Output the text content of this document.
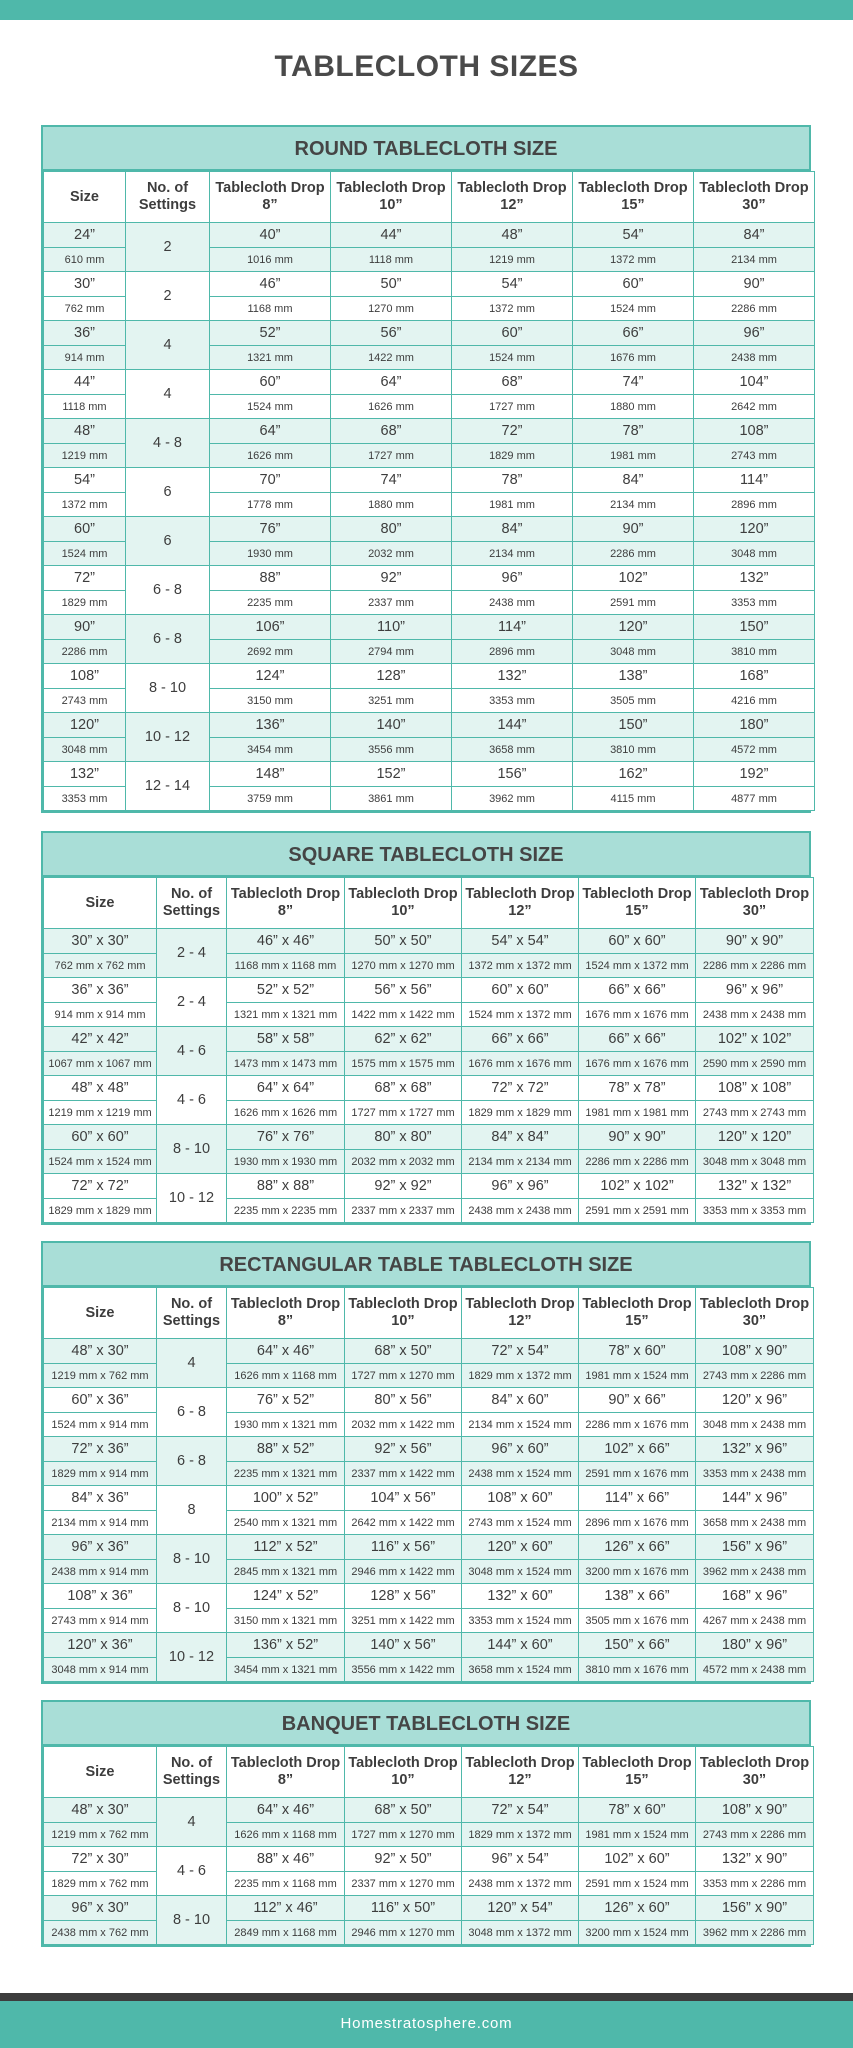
TABLECLOTH SIZES
ROUND TABLECLOTH SIZE
Size	No. of Settings	Tablecloth Drop 8”	Tablecloth Drop 10”	Tablecloth Drop 12”	Tablecloth Drop 15”	Tablecloth Drop 30”
24”	2	40”	44”	48”	54”	84”
610 mm		1016 mm	1118 mm	1219 mm	1372 mm	2134 mm
30”	2	46”	50”	54”	60”	90”
762 mm		1168 mm	1270 mm	1372 mm	1524 mm	2286 mm
36”	4	52”	56”	60”	66”	96”
914 mm		1321 mm	1422 mm	1524 mm	1676 mm	2438 mm
44”	4	60”	64”	68”	74”	104”
1118 mm		1524 mm	1626 mm	1727 mm	1880 mm	2642 mm
48”	4 - 8	64”	68”	72”	78”	108”
1219 mm		1626 mm	1727 mm	1829 mm	1981 mm	2743 mm
54”	6	70”	74”	78”	84”	114”
1372 mm		1778 mm	1880 mm	1981 mm	2134 mm	2896 mm
60”	6	76”	80”	84”	90”	120”
1524 mm		1930 mm	2032 mm	2134 mm	2286 mm	3048 mm
72”	6 - 8	88”	92”	96”	102”	132”
1829 mm		2235 mm	2337 mm	2438 mm	2591 mm	3353 mm
90”	6 - 8	106”	110”	114”	120”	150”
2286 mm		2692 mm	2794 mm	2896 mm	3048 mm	3810 mm
108”	8 - 10	124”	128”	132”	138”	168”
2743 mm		3150 mm	3251 mm	3353 mm	3505 mm	4216 mm
120”	10 - 12	136”	140”	144”	150”	180”
3048 mm		3454 mm	3556 mm	3658 mm	3810 mm	4572 mm
132”	12 - 14	148”	152”	156”	162”	192”
3353 mm		3759 mm	3861 mm	3962 mm	4115 mm	4877 mm
SQUARE TABLECLOTH SIZE
Size	No. of Settings	Tablecloth Drop 8”	Tablecloth Drop 10”	Tablecloth Drop 12”	Tablecloth Drop 15”	Tablecloth Drop 30”
30” x 30”	2 - 4	46” x 46”	50” x 50”	54” x 54”	60” x 60”	90” x 90”
762 mm x 762 mm		1168 mm x 1168 mm	1270 mm x 1270 mm	1372 mm x 1372 mm	1524 mm x 1372 mm	2286 mm x 2286 mm
36” x 36”	2 - 4	52” x 52”	56” x 56”	60” x 60”	66” x 66”	96” x 96”
914 mm x 914 mm		1321 mm x 1321 mm	1422 mm x 1422 mm	1524 mm x 1372 mm	1676 mm x 1676 mm	2438 mm x 2438 mm
42” x 42”	4 - 6	58” x 58”	62” x 62”	66” x 66”	66” x 66”	102” x 102”
1067 mm x 1067 mm		1473 mm x 1473 mm	1575 mm x 1575 mm	1676 mm x 1676 mm	1676 mm x 1676 mm	2590 mm x 2590 mm
48” x 48”	4 - 6	64” x 64”	68” x 68”	72” x 72”	78” x 78”	108” x 108”
1219 mm x 1219 mm		1626 mm x 1626 mm	1727 mm x 1727 mm	1829 mm x 1829 mm	1981 mm x 1981 mm	2743 mm x 2743 mm
60” x 60”	8 - 10	76” x 76”	80” x 80”	84” x 84”	90” x 90”	120” x 120”
1524 mm x 1524 mm		1930 mm x 1930 mm	2032 mm x 2032 mm	2134 mm x 2134 mm	2286 mm x 2286 mm	3048 mm x 3048 mm
72” x 72”	10 - 12	88” x 88”	92” x 92”	96” x 96”	102” x 102”	132” x 132”
1829 mm x 1829 mm		2235 mm x 2235 mm	2337 mm x 2337 mm	2438 mm x 2438 mm	2591 mm x 2591 mm	3353 mm x 3353 mm
RECTANGULAR TABLE TABLECLOTH SIZE
Size	No. of Settings	Tablecloth Drop 8”	Tablecloth Drop 10”	Tablecloth Drop 12”	Tablecloth Drop 15”	Tablecloth Drop 30”
48” x 30”	4	64” x 46”	68” x 50”	72” x 54”	78” x 60”	108” x 90”
1219 mm x 762 mm		1626 mm x 1168 mm	1727 mm x 1270 mm	1829 mm x 1372 mm	1981 mm x 1524 mm	2743 mm x 2286 mm
60” x 36”	6 - 8	76” x 52”	80” x 56”	84” x 60”	90” x 66”	120” x 96”
1524 mm x 914 mm		1930 mm x 1321 mm	2032 mm x 1422 mm	2134 mm x 1524 mm	2286 mm x 1676 mm	3048 mm x 2438 mm
72” x 36”	6 - 8	88” x 52”	92” x 56”	96” x 60”	102” x 66”	132” x 96”
1829 mm x 914 mm		2235 mm x 1321 mm	2337 mm x 1422 mm	2438 mm x 1524 mm	2591 mm x 1676 mm	3353 mm x 2438 mm
84” x 36”	8	100” x 52”	104” x 56”	108” x 60”	114” x 66”	144” x 96”
2134 mm x 914 mm		2540 mm x 1321 mm	2642 mm x 1422 mm	2743 mm x 1524 mm	2896 mm x 1676 mm	3658 mm x 2438 mm
96” x 36”	8 - 10	112” x 52”	116” x 56”	120” x 60”	126” x 66”	156” x 96”
2438 mm x 914 mm		2845 mm x 1321 mm	2946 mm x 1422 mm	3048 mm x 1524 mm	3200 mm x 1676 mm	3962 mm x 2438 mm
108” x 36”	8 - 10	124” x 52”	128” x 56”	132” x 60”	138” x 66”	168” x 96”
2743 mm x 914 mm		3150 mm x 1321 mm	3251 mm x 1422 mm	3353 mm x 1524 mm	3505 mm x 1676 mm	4267 mm x 2438 mm
120” x 36”	10 - 12	136” x 52”	140” x 56”	144” x 60”	150” x 66”	180” x 96”
3048 mm x 914 mm		3454 mm x 1321 mm	3556 mm x 1422 mm	3658 mm x 1524 mm	3810 mm x 1676 mm	4572 mm x 2438 mm
BANQUET TABLECLOTH SIZE
Size	No. of Settings	Tablecloth Drop 8”	Tablecloth Drop 10”	Tablecloth Drop 12”	Tablecloth Drop 15”	Tablecloth Drop 30”
48” x 30”	4	64” x 46”	68” x 50”	72” x 54”	78” x 60”	108” x 90”
1219 mm x 762 mm		1626 mm x 1168 mm	1727 mm x 1270 mm	1829 mm x 1372 mm	1981 mm x 1524 mm	2743 mm x 2286 mm
72” x 30”	4 - 6	88” x 46”	92” x 50”	96” x 54”	102” x 60”	132” x 90”
1829 mm x 762 mm		2235 mm x 1168 mm	2337 mm x 1270 mm	2438 mm x 1372 mm	2591 mm x 1524 mm	3353 mm x 2286 mm
96” x 30”	8 - 10	112” x 46”	116” x 50”	120” x 54”	126” x 60”	156” x 90”
2438 mm x 762 mm		2849 mm x 1168 mm	2946 mm x 1270 mm	3048 mm x 1372 mm	3200 mm x 1524 mm	3962 mm x 2286 mm
Homestratosphere.com
